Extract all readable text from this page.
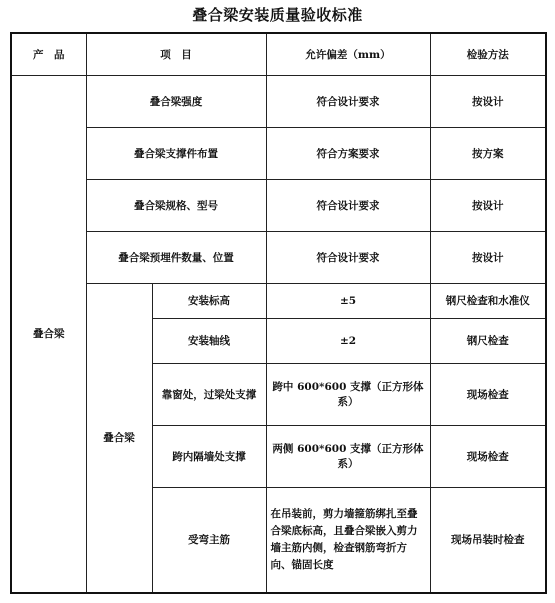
叠合梁安装质量验收标准
产　品	项　目		允许偏差（mm）	检验方法
叠合梁	叠合梁强度		符合设计要求	按设计
	叠合梁支撑件布置		符合方案要求	按方案
	叠合梁规格、型号		符合设计要求	按设计
	叠合梁预埋件数量、位置		符合设计要求	按设计
	叠合梁	安装标高	±5	钢尺检查和水准仪
		安装轴线	±2	钢尺检查
		靠窗处，过梁处支撑	跨中 600*600 支撑（正方形体系）	现场检查
		跨内隔墙处支撑	两侧 600*600 支撑（正方形体系）	现场检查
		受弯主筋	在吊装前，剪力墙箍筋绑扎至叠合梁底标高，且叠合梁嵌入剪力墙主筋内侧，检查钢筋弯折方向、锚固长度	现场吊装时检查
